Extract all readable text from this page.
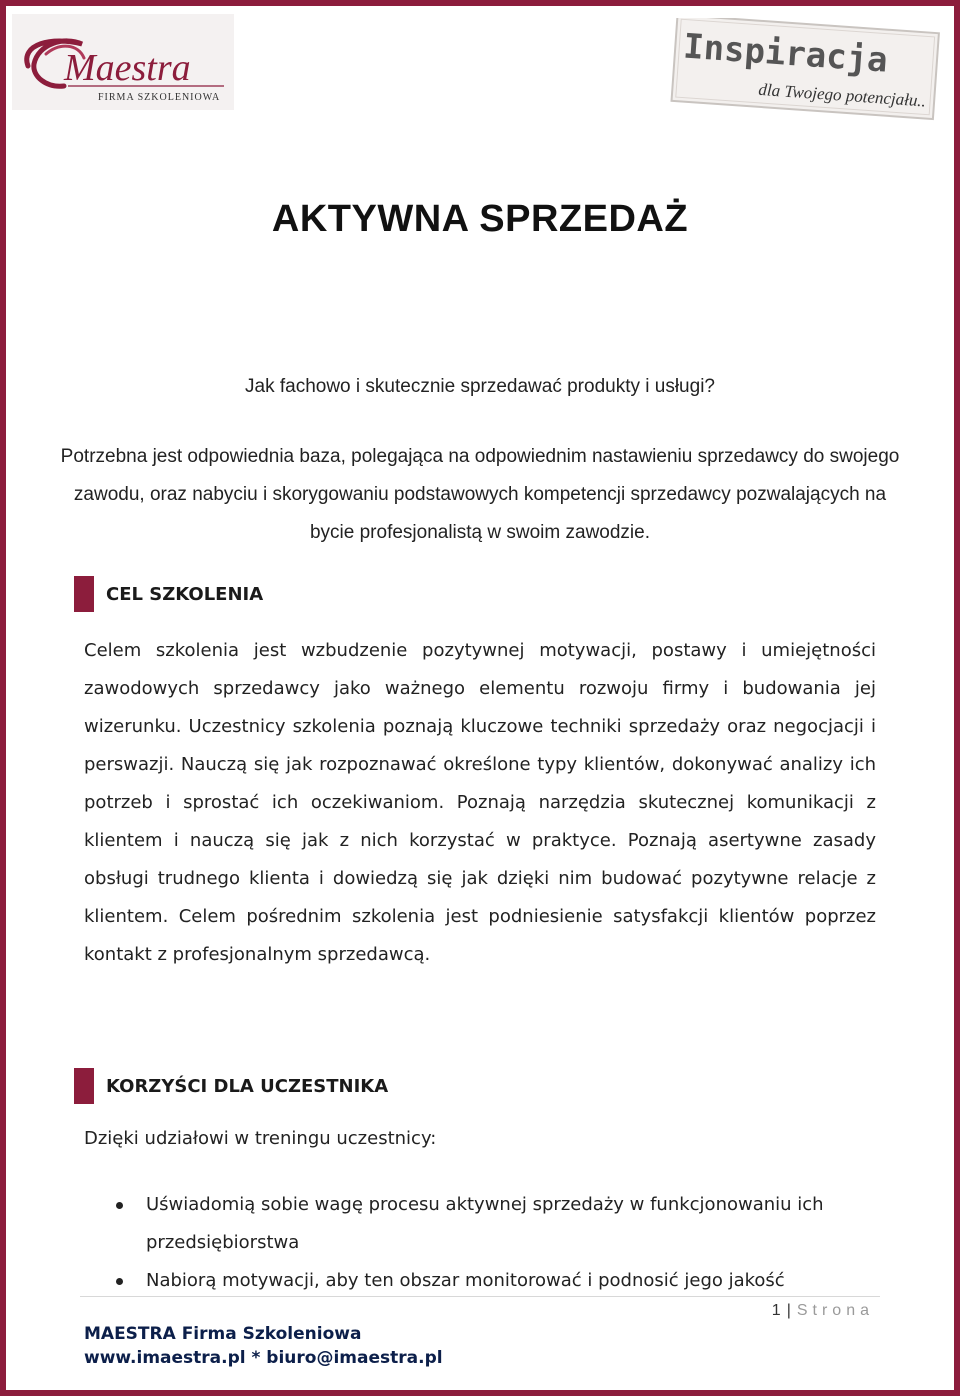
Maestra
FIRMA SZKOLENIOWA
Inspiracja
dla Twojego potencjału..
AKTYWNA SPRZEDAŻ
Jak fachowo i skutecznie sprzedawać produkty i usługi?
Potrzebna jest odpowiednia baza, polegająca na odpowiednim nastawieniu sprzedawcy do swojego zawodu, oraz nabyciu i skorygowaniu podstawowych kompetencji sprzedawcy pozwalających na bycie profesjonalistą w swoim zawodzie.
CEL SZKOLENIA
Celem szkolenia jest wzbudzenie pozytywnej motywacji, postawy i umiejętności zawodowych sprzedawcy jako ważnego elementu rozwoju firmy i budowania jej wizerunku. Uczestnicy szkolenia poznają kluczowe techniki sprzedaży oraz negocjacji i perswazji. Nauczą się jak rozpoznawać określone typy klientów, dokonywać analizy ich potrzeb i sprostać ich oczekiwaniom. Poznają narzędzia skutecznej komunikacji z klientem i nauczą się jak z nich korzystać w praktyce. Poznają asertywne zasady obsługi trudnego klienta i dowiedzą się jak dzięki nim budować pozytywne relacje z klientem. Celem pośrednim szkolenia jest podniesienie satysfakcji klientów poprzez kontakt z profesjonalnym sprzedawcą.
KORZYŚCI DLA UCZESTNIKA
Dzięki udziałowi w treningu uczestnicy:
Uświadomią sobie wagę procesu aktywnej sprzedaży w funkcjonowaniu ich przedsiębiorstwa
Nabiorą motywacji, aby ten obszar monitorować i podnosić jego jakość
1 | Strona
MAESTRA Firma Szkoleniowa
www.imaestra.pl * biuro@imaestra.pl
